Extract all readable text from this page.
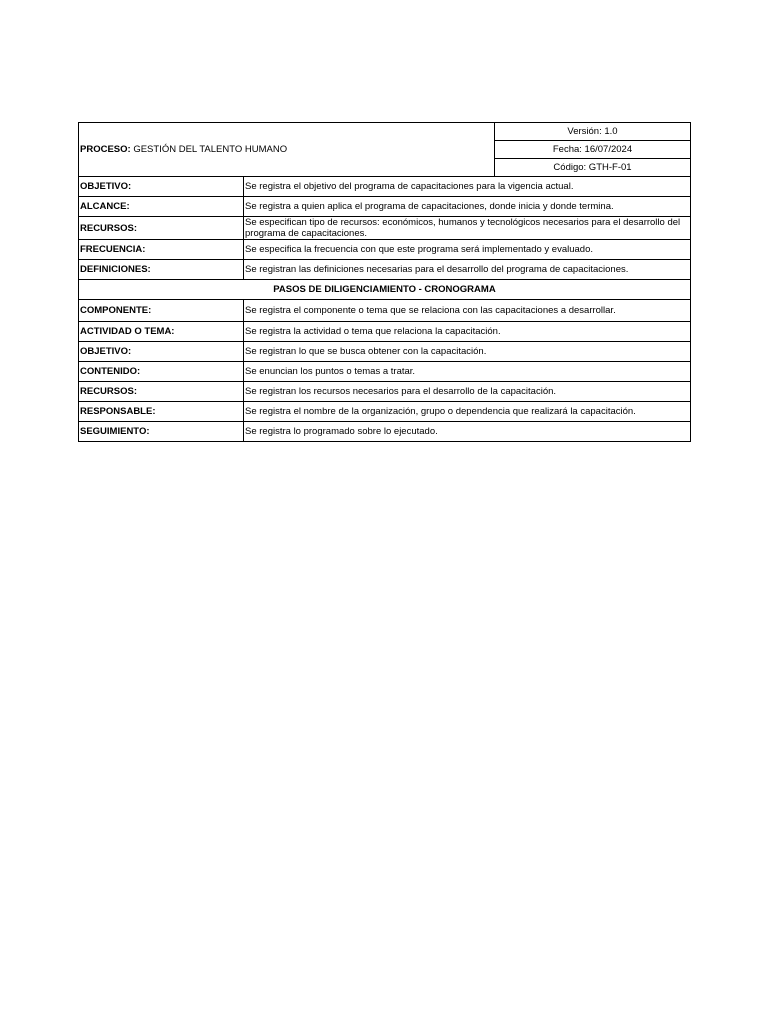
PROCESO: GESTIÓN DEL TALENTO HUMANO		Versión: 1.0
		Fecha: 16/07/2024
		Código: GTH-F-01
OBJETIVO:	Se registra el objetivo del programa de capacitaciones para la vigencia actual.	
ALCANCE:	Se registra a quien aplica el programa de capacitaciones, donde inicia y donde termina.	
RECURSOS:	Se especifican tipo de recursos: económicos, humanos y tecnológicos necesarios para el desarrollo del programa de capacitaciones.	
FRECUENCIA:	Se especifica la frecuencia con que este programa será implementado y evaluado.	
DEFINICIONES:	Se registran las definiciones necesarias para el desarrollo del programa de capacitaciones.	
PASOS DE DILIGENCIAMIENTO - CRONOGRAMA		
COMPONENTE:	Se registra el componente o tema que se relaciona con las capacitaciones a desarrollar.	
ACTIVIDAD O TEMA:	Se registra la actividad o tema que relaciona la capacitación.	
OBJETIVO:	Se registran lo que se busca obtener con la capacitación.	
CONTENIDO:	Se enuncian los puntos o temas a tratar.	
RECURSOS:	Se registran los recursos necesarios para el desarrollo de la capacitación.	
RESPONSABLE:	Se registra el nombre de la organización, grupo o dependencia que realizará la capacitación.	
SEGUIMIENTO:	Se registra lo programado sobre lo ejecutado.	
